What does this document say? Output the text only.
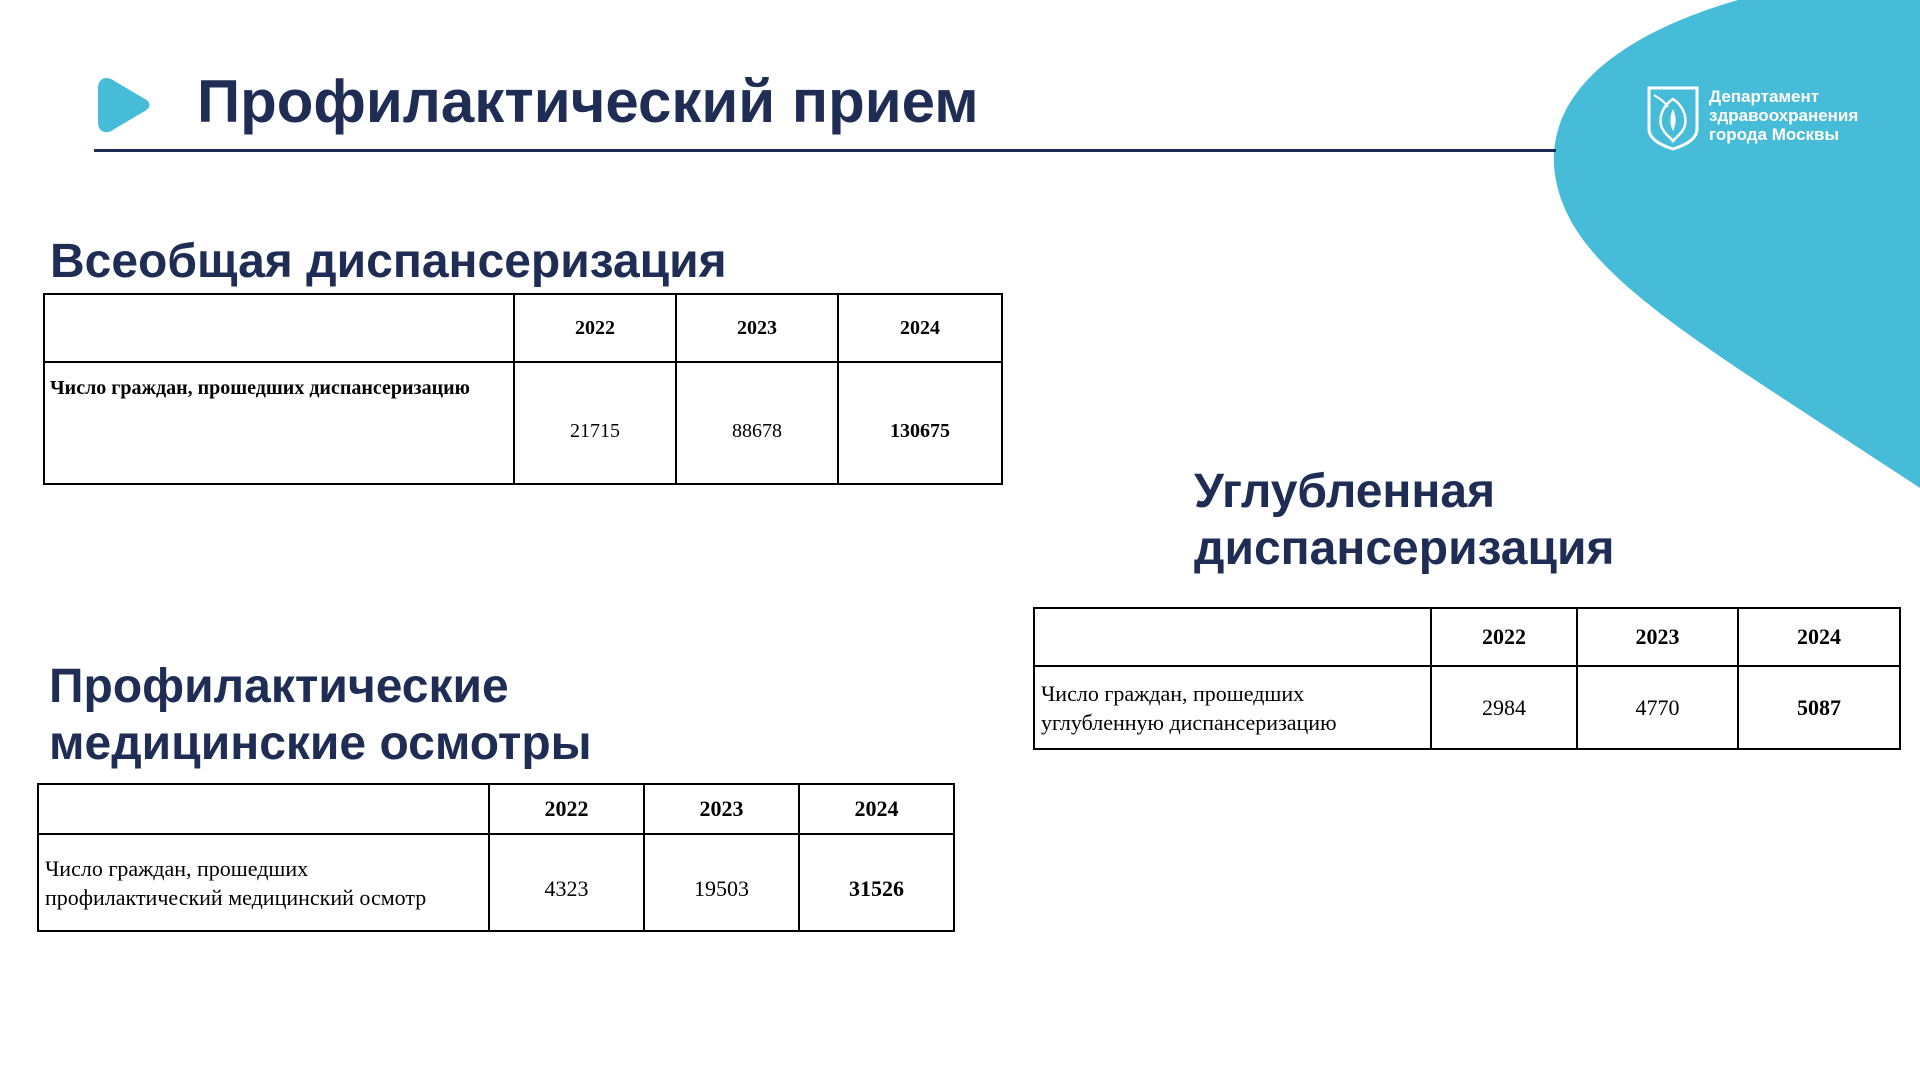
Профилактический прием	Департамент
здравоохранения
города Москвы
Всеобщая диспансеризация
	2022	2023	2024
Число граждан, прошедших диспансеризацию	21715	88678	130675
Углубленная
диспансеризация
	2022	2023	2024
Число граждан, прошедших углубленную диспансеризацию	2984	4770	5087
Профилактические
медицинские осмотры
	2022	2023	2024
Число граждан, прошедших профилактический медицинский осмотр	4323	19503	31526
